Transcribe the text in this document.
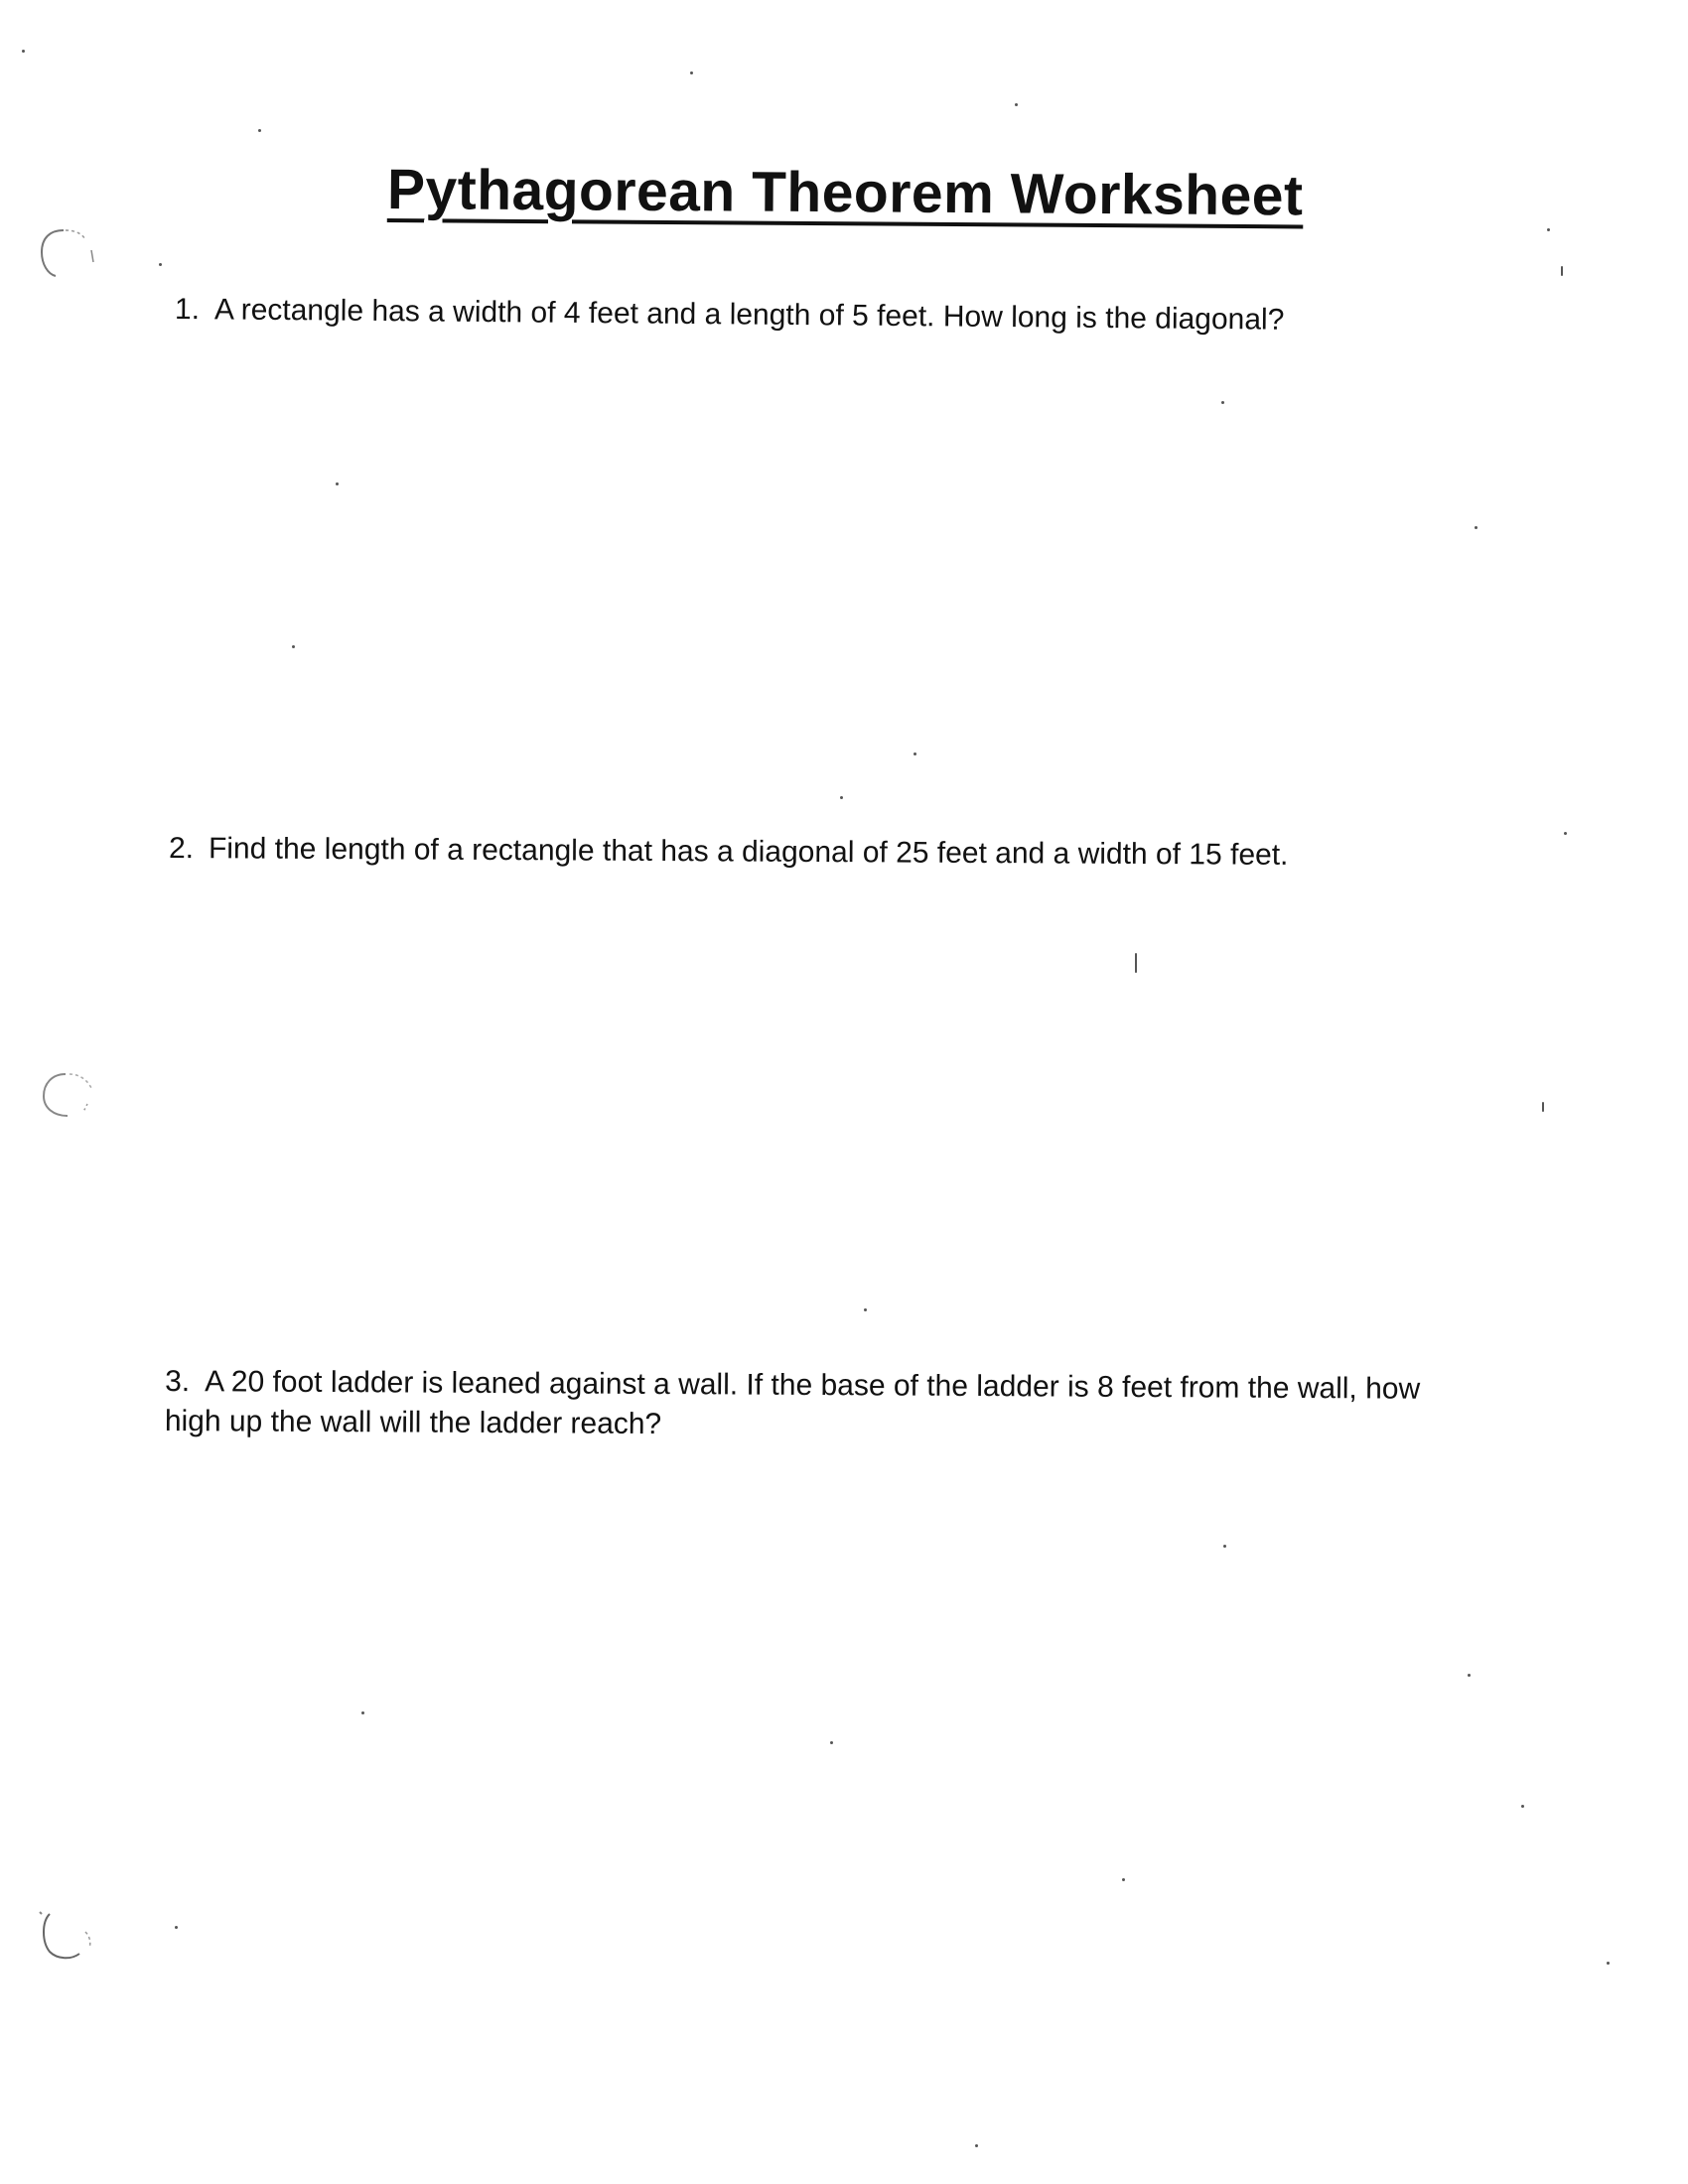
Pythagorean Theorem Worksheet
1. A rectangle has a width of 4 feet and a length of 5 feet. How long is the diagonal?
2. Find the length of a rectangle that has a diagonal of 25 feet and a width of 15 feet.
3. A 20 foot ladder is leaned against a wall. If the base of the ladder is 8 feet from the wall, how
high up the wall will the ladder reach?
